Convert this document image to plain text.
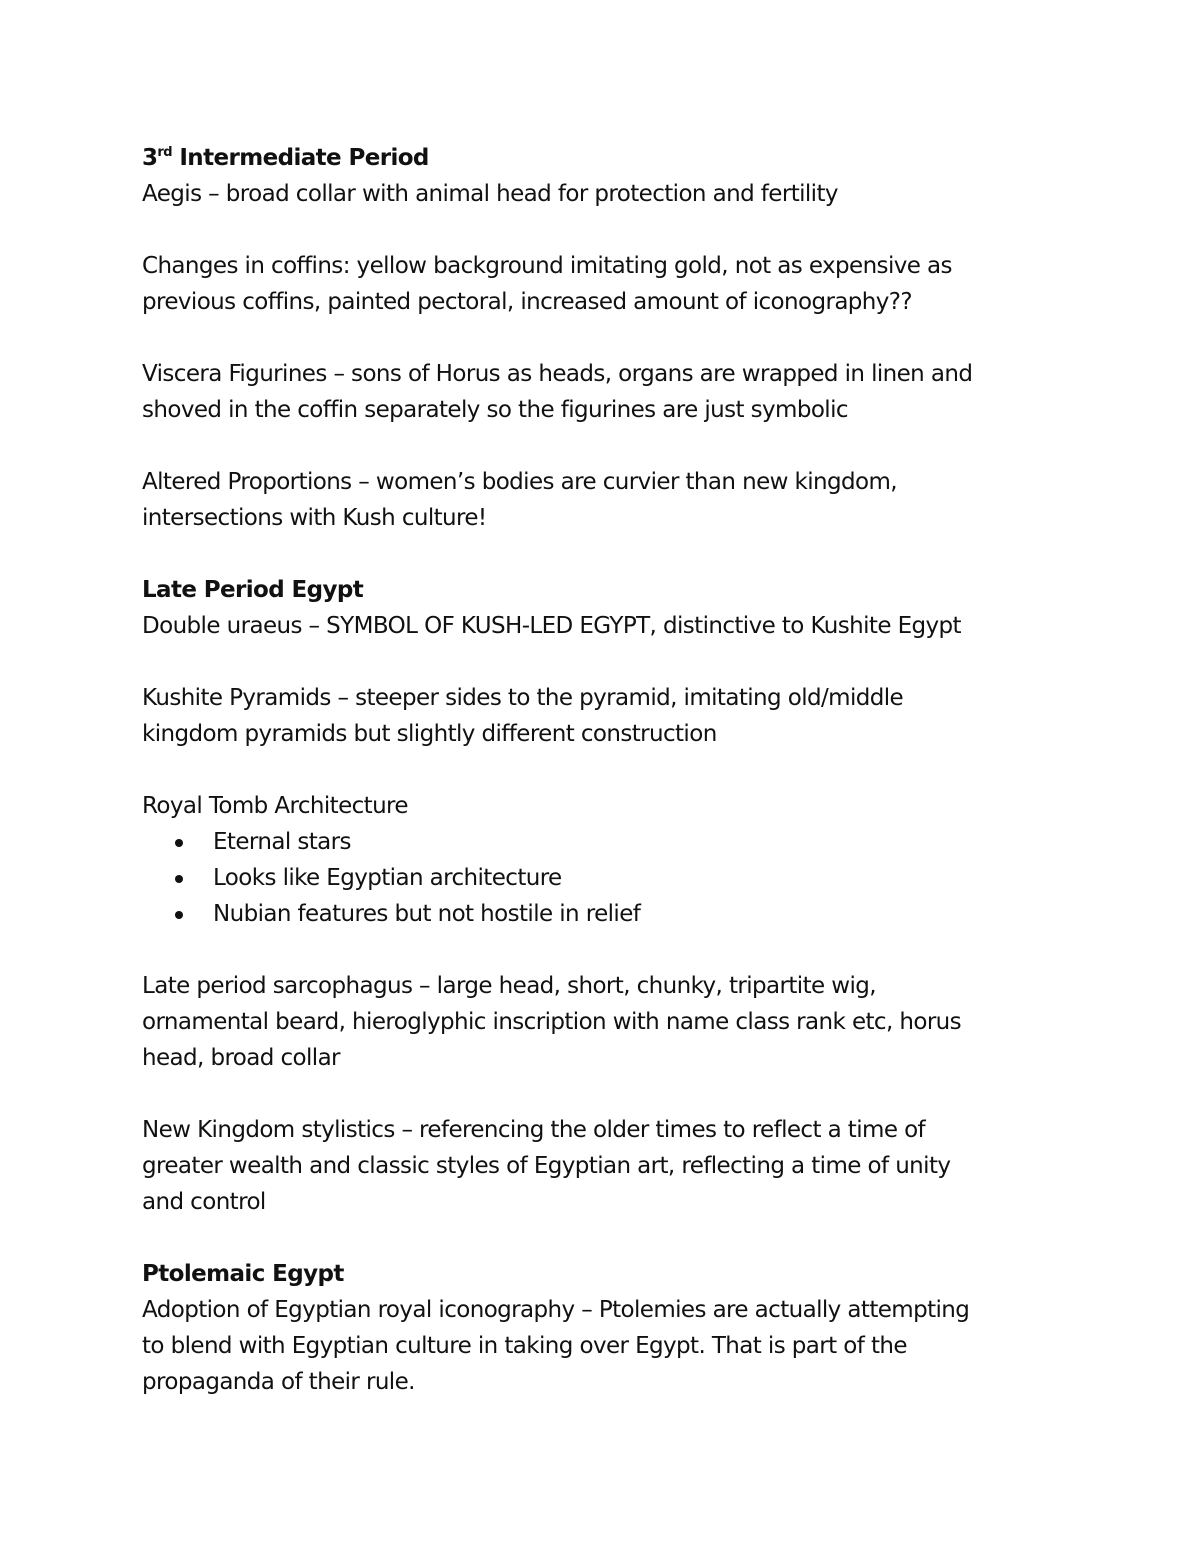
3rd Intermediate Period

Aegis – broad collar with animal head for protection and fertility

Changes in coffins: yellow background imitating gold, not as expensive as

previous coffins, painted pectoral, increased amount of iconography??

Viscera Figurines – sons of Horus as heads, organs are wrapped in linen and

shoved in the coffin separately so the figurines are just symbolic

Altered Proportions – women’s bodies are curvier than new kingdom,

intersections with Kush culture!

Late Period Egypt

Double uraeus – SYMBOL OF KUSH-LED EGYPT, distinctive to Kushite Egypt

Kushite Pyramids – steeper sides to the pyramid, imitating old/middle

kingdom pyramids but slightly different construction

Royal Tomb Architecture

Eternal stars
Looks like Egyptian architecture
Nubian features but not hostile in relief

Late period sarcophagus – large head, short, chunky, tripartite wig,

ornamental beard, hieroglyphic inscription with name class rank etc, horus

head, broad collar

New Kingdom stylistics – referencing the older times to reflect a time of

greater wealth and classic styles of Egyptian art, reflecting a time of unity

and control

Ptolemaic Egypt

Adoption of Egyptian royal iconography – Ptolemies are actually attempting

to blend with Egyptian culture in taking over Egypt. That is part of the

propaganda of their rule.
